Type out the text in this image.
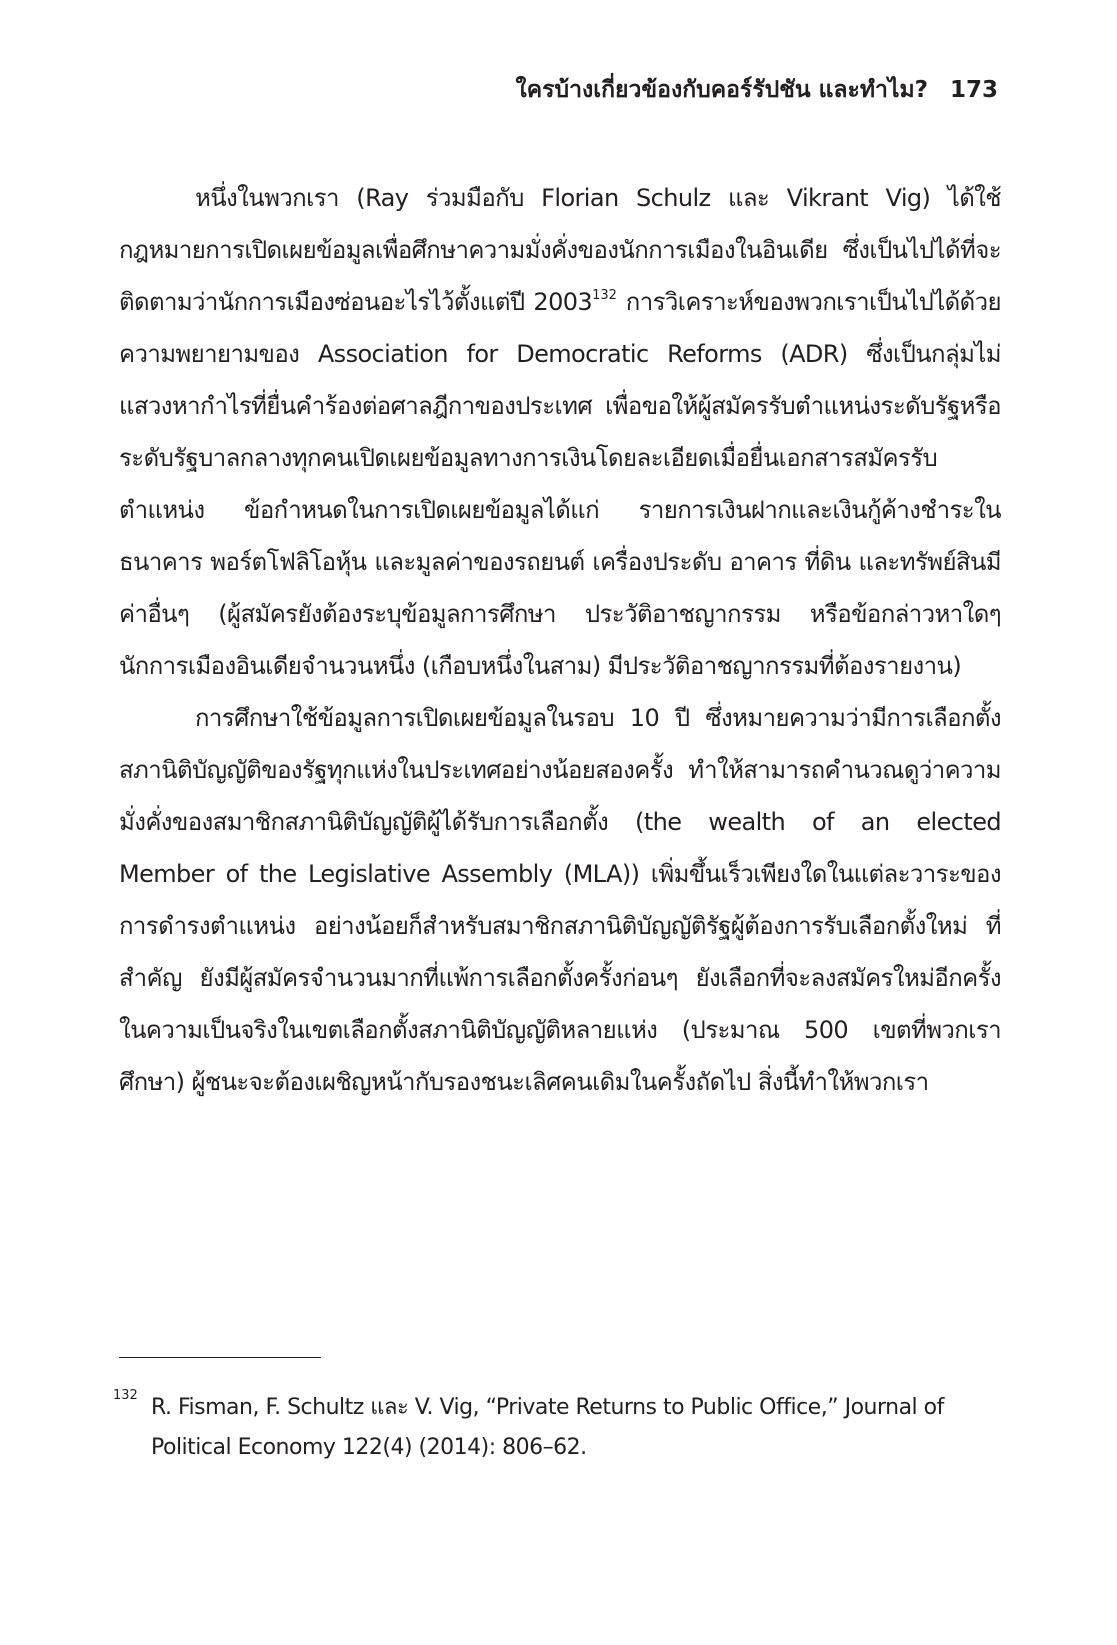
ใครบ้างเกี่ยวข้องกับคอร์รัปชัน และทำไม? 173

หนึ่งในพวกเรา (Ray ร่วมมือกับ Florian Schulz และ Vikrant Vig) ได้ใช้กฎหมายการเปิดเผยข้อมูลเพื่อศึกษาความมั่งคั่งของนักการเมืองในอินเดีย ซึ่งเป็นไปได้ที่จะติดตามว่านักการเมืองซ่อนอะไรไว้ตั้งแต่ปี 2003$^{132}$ การวิเคราะห์ของพวกเราเป็นไปได้ด้วยความพยายามของ Association for Democratic Reforms (ADR) ซึ่งเป็นกลุ่มไม่แสวงหากำไรที่ยื่นคำร้องต่อศาลฎีกาของประเทศ เพื่อขอให้ผู้สมัครรับตำแหน่งระดับรัฐหรือระดับรัฐบาลกลางทุกคนเปิดเผยข้อมูลทางการเงินโดยละเอียดเมื่อยื่นเอกสารสมัครรับตำแหน่ง ข้อกำหนดในการเปิดเผยข้อมูลได้แก่ รายการเงินฝากและเงินกู้ค้างชำระในธนาคาร พอร์ตโฟลิโอหุ้น และมูลค่าของรถยนต์ เครื่องประดับ อาคาร ที่ดิน และทรัพย์สินมีค่าอื่นๆ (ผู้สมัครยังต้องระบุข้อมูลการศึกษา ประวัติอาชญากรรม หรือข้อกล่าวหาใดๆ นักการเมืองอินเดียจำนวนหนึ่ง (เกือบหนึ่งในสาม) มีประวัติอาชญากรรมที่ต้องรายงาน)

การศึกษาใช้ข้อมูลการเปิดเผยข้อมูลในรอบ 10 ปี ซึ่งหมายความว่ามีการเลือกตั้งสภานิติบัญญัติของรัฐทุกแห่งในประเทศอย่างน้อยสองครั้ง ทำให้สามารถคำนวณดูว่าความมั่งคั่งของสมาชิกสภานิติบัญญัติผู้ได้รับการเลือกตั้ง (the wealth of an elected Member of the Legislative Assembly (MLA)) เพิ่มขึ้นเร็วเพียงใดในแต่ละวาระของการดำรงตำแหน่ง อย่างน้อยก็สำหรับสมาชิกสภานิติบัญญัติรัฐผู้ต้องการรับเลือกตั้งใหม่ ที่สำคัญ ยังมีผู้สมัครจำนวนมากที่แพ้การเลือกตั้งครั้งก่อนๆ ยังเลือกที่จะลงสมัครใหม่อีกครั้ง ในความเป็นจริงในเขตเลือกตั้งสภานิติบัญญัติหลายแห่ง (ประมาณ 500 เขตที่พวกเราศึกษา) ผู้ชนะจะต้องเผชิญหน้ากับรองชนะเลิศคนเดิมในครั้งถัดไป สิ่งนี้ทำให้พวกเรา

132 R. Fisman, F. Schultz และ V. Vig, “Private Returns to Public Office,” Journal of Political Economy 122(4) (2014): 806–62.
